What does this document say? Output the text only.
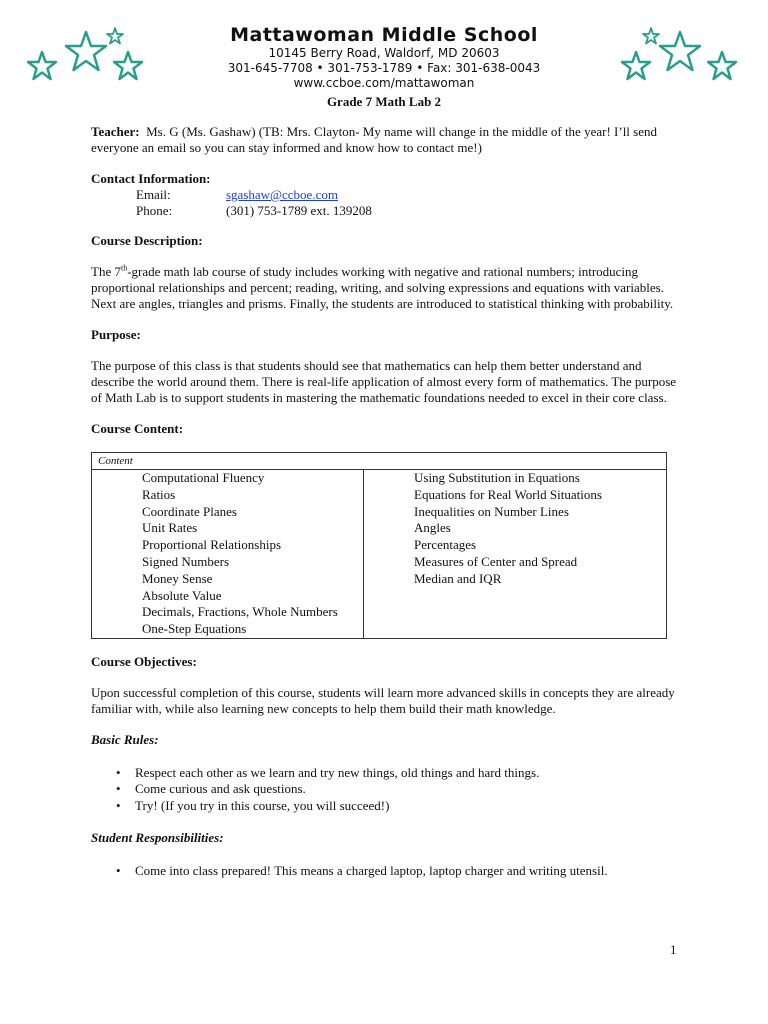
Mattawoman Middle School
10145 Berry Road, Waldorf, MD 20603
301-645-7708 • 301-753-1789 • Fax: 301-638-0043
www.ccboe.com/mattawoman
Grade 7 Math Lab 2

Teacher: Ms. G (Ms. Gashaw) (TB: Mrs. Clayton- My name will change in the middle of the year! I’ll send everyone an email so you can stay informed and know how to contact me!)

Contact Information:

Email:	sgashaw@ccboe.com
Phone:	(301) 753-1789 ext. 139208

Course Description:

The 7th-grade math lab course of study includes working with negative and rational numbers; introducing proportional relationships and percent; reading, writing, and solving expressions and equations with variables. Next are angles, triangles and prisms. Finally, the students are introduced to statistical thinking with probability.

Purpose:

The purpose of this class is that students should see that mathematics can help them better understand and describe the world around them. There is real-life application of almost every form of mathematics. The purpose of Math Lab is to support students in mastering the mathematic foundations needed to excel in their core class.

Course Content:

Content

Computational Fluency
Ratios
Coordinate Planes
Unit Rates
Proportional Relationships
Signed Numbers
Money Sense
Absolute Value
Decimals, Fractions, Whole Numbers
One-Step Equations

Using Substitution in Equations
Equations for Real World Situations
Inequalities on Number Lines
Angles
Percentages
Measures of Center and Spread
Median and IQR

Course Objectives:

Upon successful completion of this course, students will learn more advanced skills in concepts they are already familiar with, while also learning new concepts to help them build their math knowledge.

Basic Rules:

• Respect each other as we learn and try new things, old things and hard things.
• Come curious and ask questions.
• Try! (If you try in this course, you will succeed!)

Student Responsibilities:

• Come into class prepared! This means a charged laptop, laptop charger and writing utensil.
1
